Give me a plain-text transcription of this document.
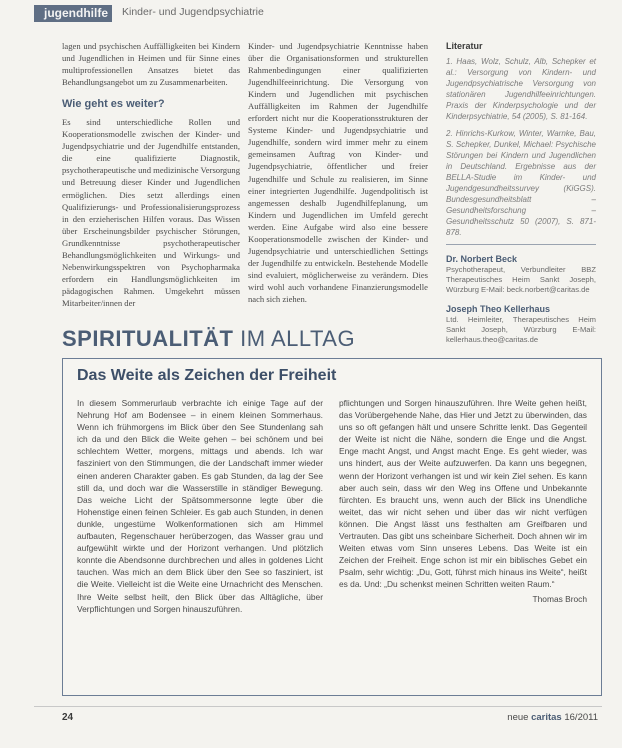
jugendhilfe Kinder- und Jugendpsychiatrie
lagen und psychischen Auffälligkeiten bei Kindern und Jugendlichen in Heimen und für Sinne eines multiprofessionellen Ansatzes bietet das Behandlungsangebot um zu Zusammenarbeiten.
Wie geht es weiter?
Es sind unterschiedliche Rollen und Kooperationsmodelle zwischen der Kinder- und Jugendpsychiatrie und der Jugendhilfe entstanden, die eine qualifizierte Diagnostik, psychotherapeutische und medizinische Versorgung und Betreuung dieser Kinder und Jugendlichen ermöglichen. Dies setzt allerdings einen Qualifizierungs- und Professionalisierungsprozess in den erzieherischen Hilfen voraus. Das Wissen über Erscheinungsbilder psychischer Störungen, Grundkenntnisse psychotherapeutischer Behandlungsmöglichkeiten und Wirkungs- und Nebenwirkungsspektren von Psychopharmaka erfordern ein Handlungsmöglichkeiten im pädagogischen Rahmen. Umgekehrt müssen Mitarbeiter/innen der
Kinder- und Jugendpsychiatrie Kenntnisse haben über die Organisationsformen und strukturellen Rahmenbedingungen einer qualifizierten Jugendhilfeeinrichtung. Die Versorgung von Kindern und Jugendlichen mit psychischen Auffälligkeiten im Rahmen der Jugendhilfe erfordert nicht nur die Kooperationsstrukturen der Systeme Kinder- und Jugendpsychiatrie und Jugendhilfe, sondern wird immer mehr zu einem gemeinsamen Auftrag von Kinder- und Jugendpsychiatrie, öffentlicher und freier Jugendhilfe und Schule zu realisieren, im Sinne einer integrierten Jugendhilfe. Jugendpolitisch ist angemessen deshalb Jugendhilfeplanung, um Kindern und Jugendlichen im Umfeld gerecht werden. Eine Aufgabe wird also eine bessere Kooperationsmodelle zwischen der Kinder- und Jugendpsychiatrie und unterschiedlichen Settings der Jugendhilfe zu entwickeln. Bestehende Modelle sind evaluiert, möglicherweise zu verändern. Dies wird wohl auch vorhandene Finanzierungsmodelle nach sich ziehen.
Literatur
1. Haas, Wolz, Schulz, Alb, Schepker et al.: Versorgung von Kindern- und Jugendpsychiatrische Versorgung von stationären Jugendhilfeeinrichtungen. Praxis der Kinderpsychologie und der Kinderpsychiatrie, 54 (2005), S. 81-164.
2. Hinrichs-Kurkow, Winter, Warnke, Bau, S. Schepker, Dunkel, Michael: Psychische Störungen bei Kindern und Jugendlichen in Deutschland. Ergebnisse aus der BELLA-Studie im Kinder- und Jugendgesundheitssurvey (KiGGS). Bundesgesundheitsblatt – Gesundheitsforschung – Gesundheitsschutz 50 (2007), S. 871-878.
Dr. Norbert Beck
Psychotherapeut, Verbundleiter BBZ Therapeutisches Heim Sankt Joseph, Würzburg E-Mail: beck.norbert@caritas.de
Joseph Theo Kellerhaus
Ltd. Heimleiter, Therapeutisches Heim Sankt Joseph, Würzburg E-Mail: kellerhaus.theo@caritas.de
SPIRITUALITÄT IM ALLTAG
Das Weite als Zeichen der Freiheit
In diesem Sommerurlaub verbrachte ich einige Tage auf der Nehrung Hof am Bodensee – in einem kleinen Sommerhaus. Wenn ich frühmorgens im Blick über den See Stundenlang sah ich da und den Blick die Weite gehen – bei schönem und bei schlechtem Wetter, morgens, mittags und abends. Ich war fasziniert von den Stimmungen, die der Landschaft immer wieder einen anderen Charakter gaben. Es gab Stunden, da lag der See still da, und doch war die Wasserstille in ständiger Bewegung. Das weiche Licht der Spätsommersonne legte über die Hohenstige einen feinen Schleier. Es gab auch Stunden, in denen dunkle, ungestüme Wolkenformationen sich am Himmel aufbauten, Regenschauer herüberzogen, das Wasser grau und aufgewühlt wirkte und der Horizont verhangen. Und plötzlich konnte die Abendsonne durchbrechen und alles in goldenes Licht tauchen. Was mich an dem Blick über den See so fasziniert, ist die Weite. Vielleicht ist die Weite eine Urnachricht des Menschen. Ihre Weite selbst heilt, den Blick über das Alltägliche, über Verpflichtungen und Sorgen hinauszuführen.
pflichtungen und Sorgen hinauszuführen. Ihre Weite gehen heißt, das Vorübergehende Nahe, das Hier und Jetzt zu überwinden, das uns so oft gefangen hält und unsere Schritte lenkt. Das Gegenteil der Weite ist nicht die Nähe, sondern die Enge und die Angst. Enge macht Angst, und Angst macht Enge. Es geht wieder, was uns hindert, aus der Weite aufzuwerfen. Da kann uns begegnen, wenn der Horizont verhangen ist und wir kein Ziel sehen. Es kann aber auch sein, dass wir den Weg ins Offene und Unbekannte fürchten. Es braucht uns, wenn auch der Blick ins Unendliche weitet, das wir nicht sehen und über das wir nicht verfügen können. Die Angst lässt uns festhalten am Greifbaren und Vertrauten. Das gibt uns scheinbare Sicherheit. Doch ahnen wir im Weiten etwas vom Sinn unseres Lebens. Das Weite ist ein Zeichen der Freiheit. Enge schon ist mir ein biblisches Gebet ein Psalm, sehr wichtig: „Du, Gott, führst mich hinaus ins Weite“, heißt es da. Und: „Du schenkst meinen Schritten weiten Raum.“
Thomas Broch
24	neue caritas 16/2011
